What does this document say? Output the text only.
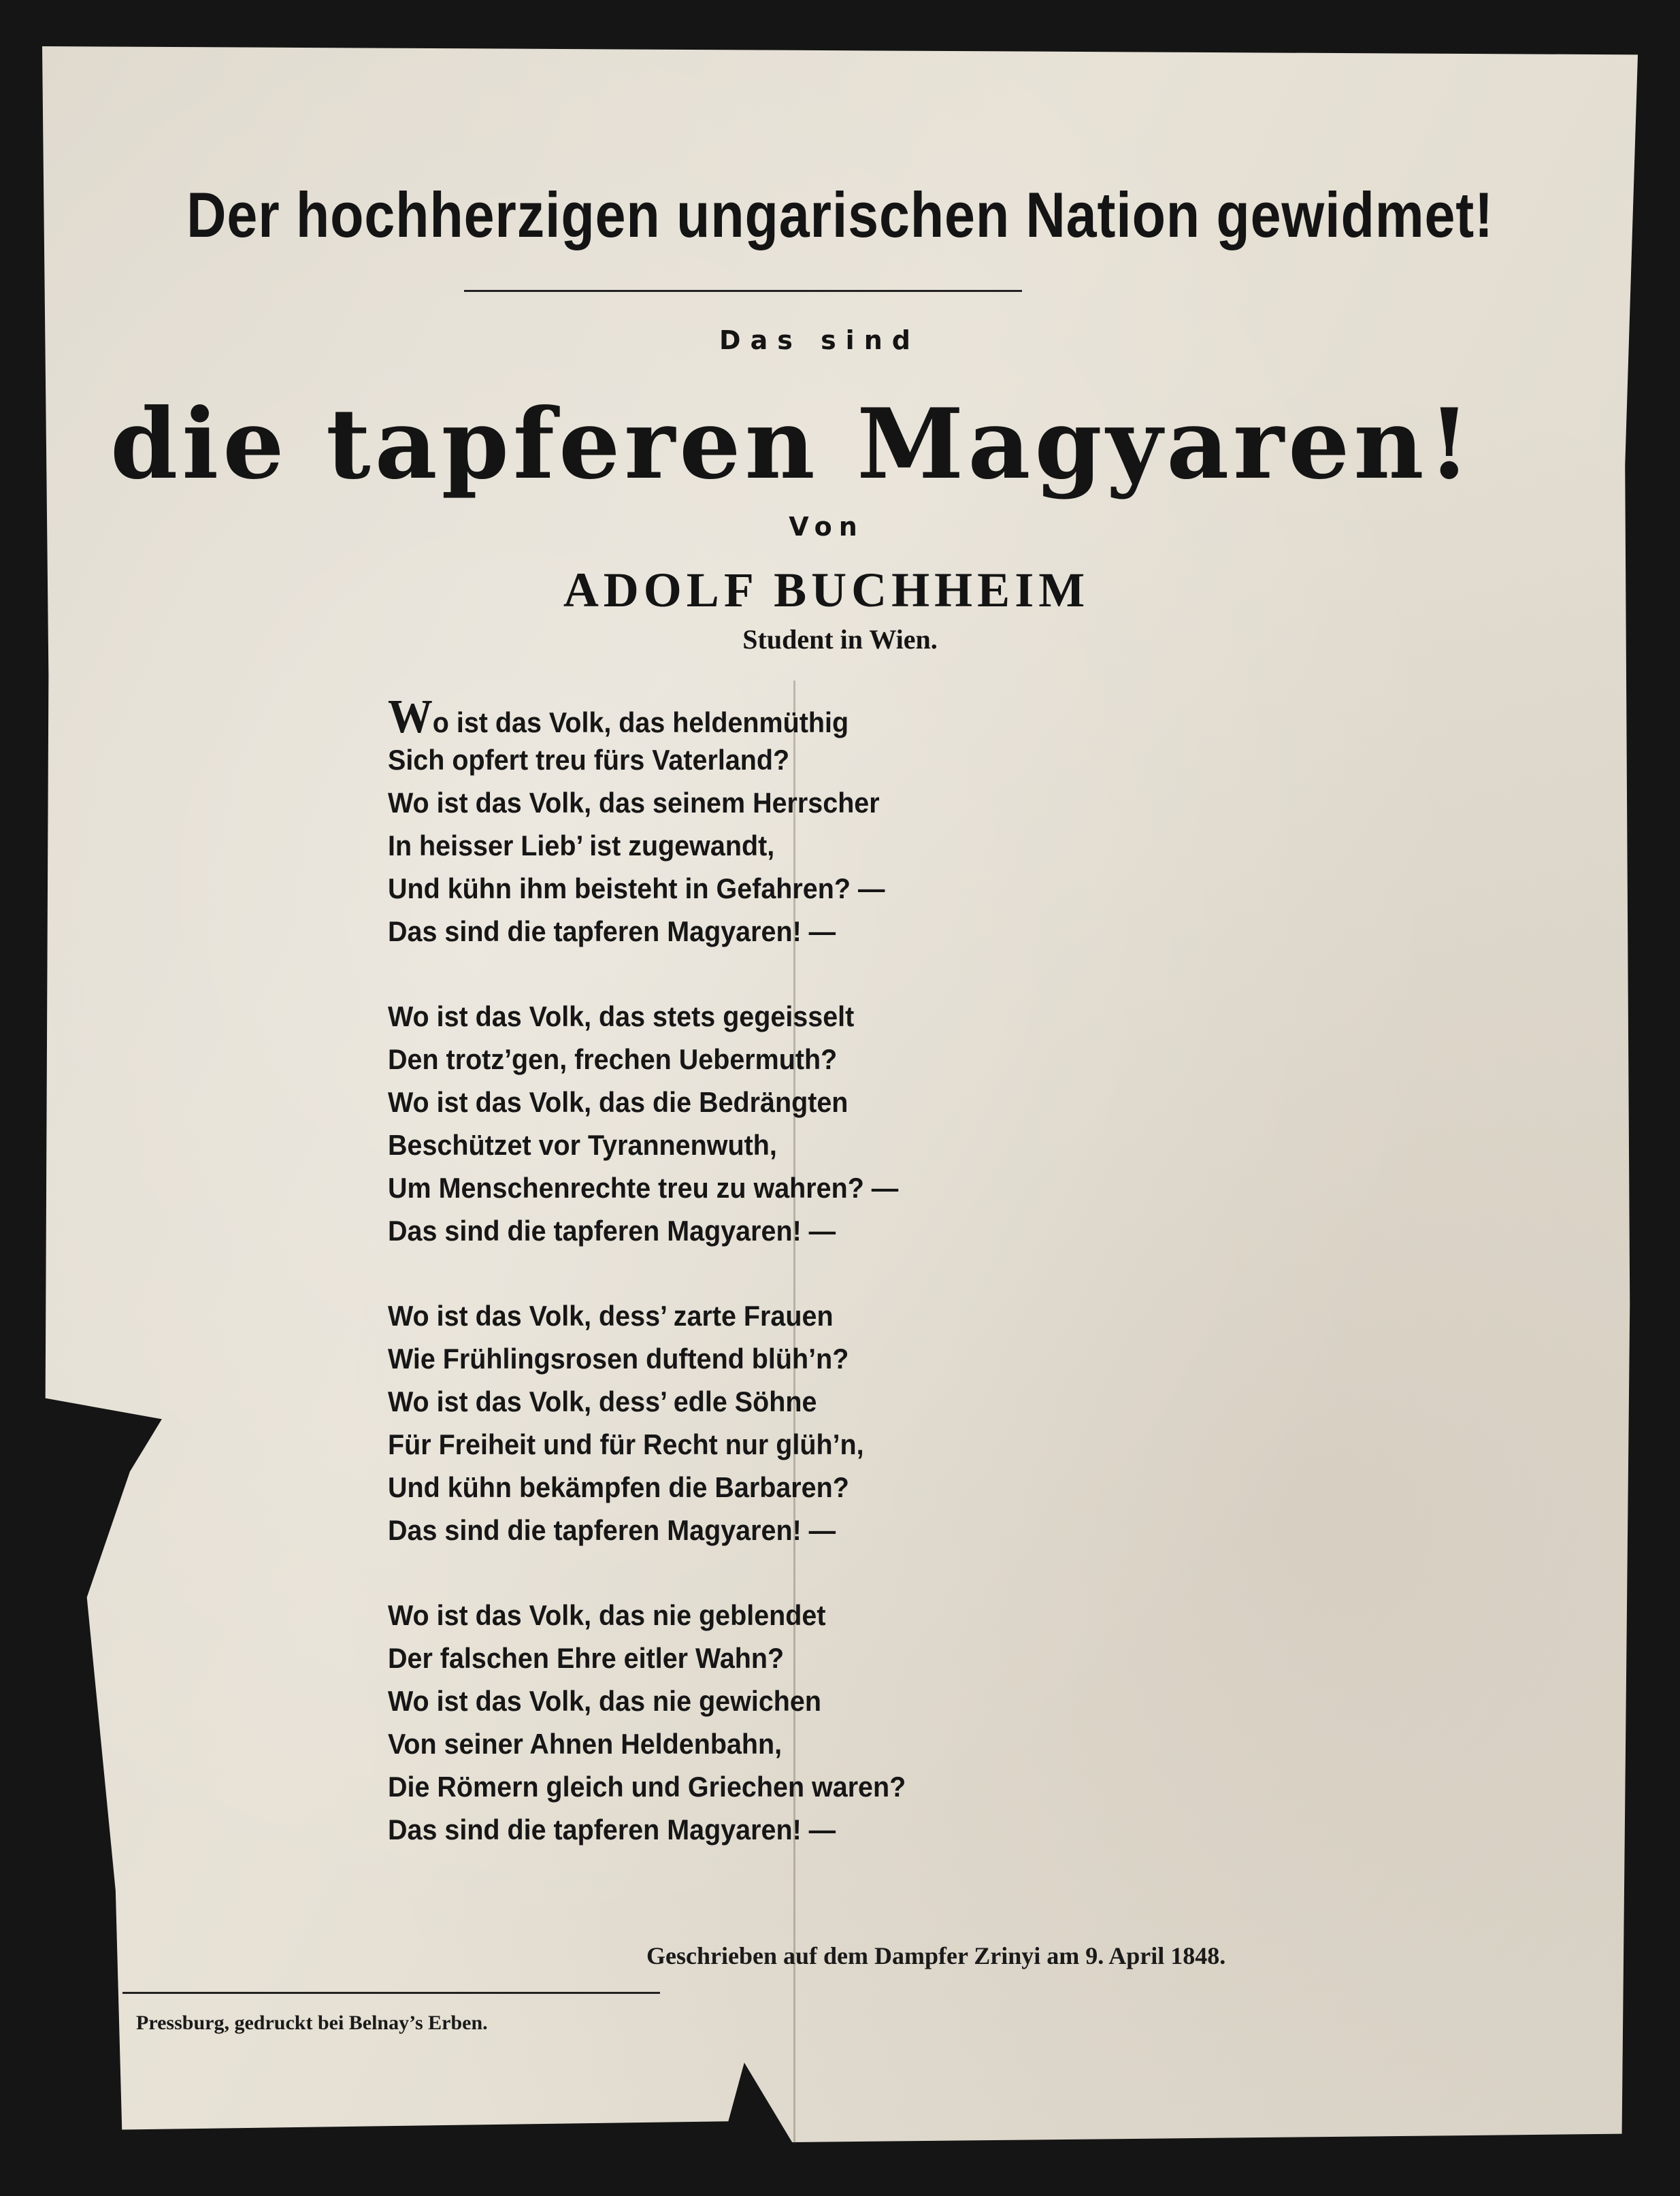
Der hochherzigen ungarischen Nation gewidmet!
Das sind
die tapferen Magyaren!
Von
ADOLF BUCHHEIM
Student in Wien.
Wo ist das Volk, das heldenmüthig
Sich opfert treu fürs Vaterland?
Wo ist das Volk, das seinem Herrscher
In heisser Lieb’ ist zugewandt,
Und kühn ihm beisteht in Gefahren? —
Das sind die tapferen Magyaren! —
Wo ist das Volk, das stets gegeisselt
Den trotz’gen, frechen Uebermuth?
Wo ist das Volk, das die Bedrängten
Beschützet vor Tyrannenwuth,
Um Menschenrechte treu zu wahren? —
Das sind die tapferen Magyaren! —
Wo ist das Volk, dess’ zarte Frauen
Wie Frühlingsrosen duftend blüh’n?
Wo ist das Volk, dess’ edle Söhne
Für Freiheit und für Recht nur glüh’n,
Und kühn bekämpfen die Barbaren?
Das sind die tapferen Magyaren! —
Wo ist das Volk, das nie geblendet
Der falschen Ehre eitler Wahn?
Wo ist das Volk, das nie gewichen
Von seiner Ahnen Heldenbahn,
Die Römern gleich und Griechen waren?
Das sind die tapferen Magyaren! —
Geschrieben auf dem Dampfer Zrinyi am 9. April 1848.
Pressburg, gedruckt bei Belnay’s Erben.
